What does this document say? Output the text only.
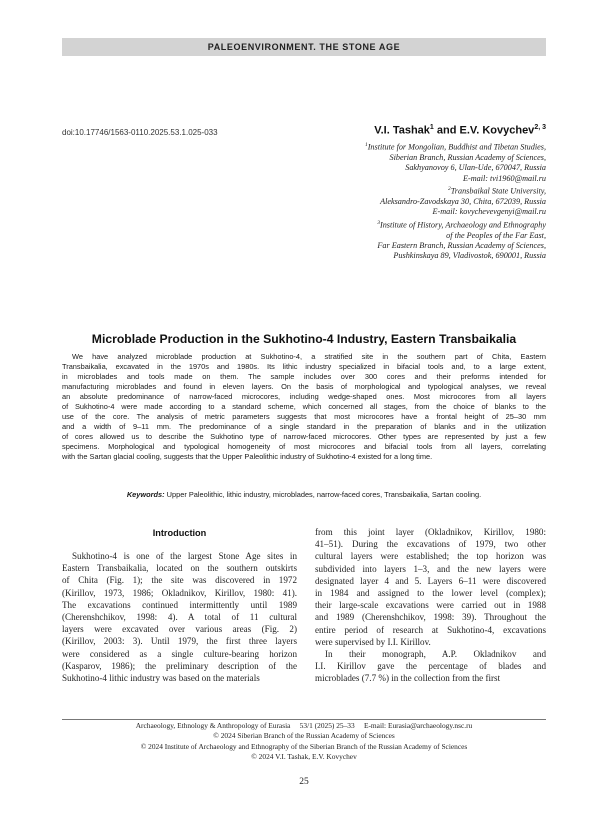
PALEOENVIRONMENT. THE STONE AGE
doi:10.17746/1563-0110.2025.53.1.025-033	V.I. Tashak$^1$ and E.V. Kovychev$^{2, 3}$
$^1$Institute for Mongolian, Buddhist and Tibetan Studies,
Siberian Branch, Russian Academy of Sciences,
Sakhyanovoy 6, Ulan-Ude, 670047, Russia
E-mail: tvi1960@mail.ru
$^2$Transbaikal State University,
Aleksandro-Zavodskaya 30, Chita, 672039, Russia
E-mail: kovychevevgenyi@mail.ru
$^3$Institute of History, Archaeology and Ethnography
of the Peoples of the Far East,
Far Eastern Branch, Russian Academy of Sciences,
Pushkinskaya 89, Vladivostok, 690001, Russia
Microblade Production in the Sukhotino-4 Industry, Eastern Transbaikalia
We have analyzed microblade production at Sukhotino-4, a stratified site in the southern part of Chita, Eastern
Transbaikalia, excavated in the 1970s and 1980s. Its lithic industry specialized in bifacial tools and, to a large extent,
in microblades and tools made on them. The sample includes over 300 cores and their preforms intended for
manufacturing microblades and found in eleven layers. On the basis of morphological and typological analyses, we reveal
an absolute predominance of narrow-faced microcores, including wedge-shaped ones. Most microcores from all layers
of Sukhotino-4 were made according to a standard scheme, which concerned all stages, from the choice of blanks to the
use of the core. The analysis of metric parameters suggests that most microcores have a frontal height of 25–30 mm
and a width of 9–11 mm. The predominance of a single standard in the preparation of blanks and in the utilization
of cores allowed us to describe the Sukhotino type of narrow-faced microcores. Other types are represented by just a few
specimens. Morphological and typological homogeneity of most microcores and bifacial tools from all layers, correlating
with the Sartan glacial cooling, suggests that the Upper Paleolithic industry of Sukhotino-4 existed for a long time.
Keywords: Upper Paleolithic, lithic industry, microblades, narrow-faced cores, Transbaikalia, Sartan cooling.
Introduction
Sukhotino-4 is one of the largest Stone Age sites in
Eastern Transbaikalia, located on the southern outskirts
of Chita (Fig. 1); the site was discovered in 1972
(Kirillov, 1973, 1986; Okladnikov, Kirillov, 1980: 41).
The excavations continued intermittently until 1989
(Cherenshchikov, 1998: 4). A total of 11 cultural
layers were excavated over various areas (Fig. 2)
(Kirillov, 2003: 3). Until 1979, the first three layers
were considered as a single culture-bearing horizon
(Kasparov, 1986); the preliminary description of the
Sukhotino-4 lithic industry was based on the materials
from this joint layer (Okladnikov, Kirillov, 1980:
41–51). During the excavations of 1979, two other
cultural layers were established; the top horizon was
subdivided into layers 1–3, and the new layers were
designated layer 4 and 5. Layers 6–11 were discovered
in 1984 and assigned to the lower level (complex);
their large-scale excavations were carried out in 1988
and 1989 (Cherenshchikov, 1998: 39). Throughout the
entire period of research at Sukhotino-4, excavations
were supervised by I.I. Kirillov.
In their monograph, A.P. Okladnikov and
I.I. Kirillov gave the percentage of blades and
microblades (7.7 %) in the collection from the first
Archaeology, Ethnology & Anthropology of Eurasia 53/1 (2025) 25–33 E-mail: Eurasia@archaeology.nsc.ru
© 2024 Siberian Branch of the Russian Academy of Sciences
© 2024 Institute of Archaeology and Ethnography of the Siberian Branch of the Russian Academy of Sciences
© 2024 V.I. Tashak, E.V. Kovychev
25
